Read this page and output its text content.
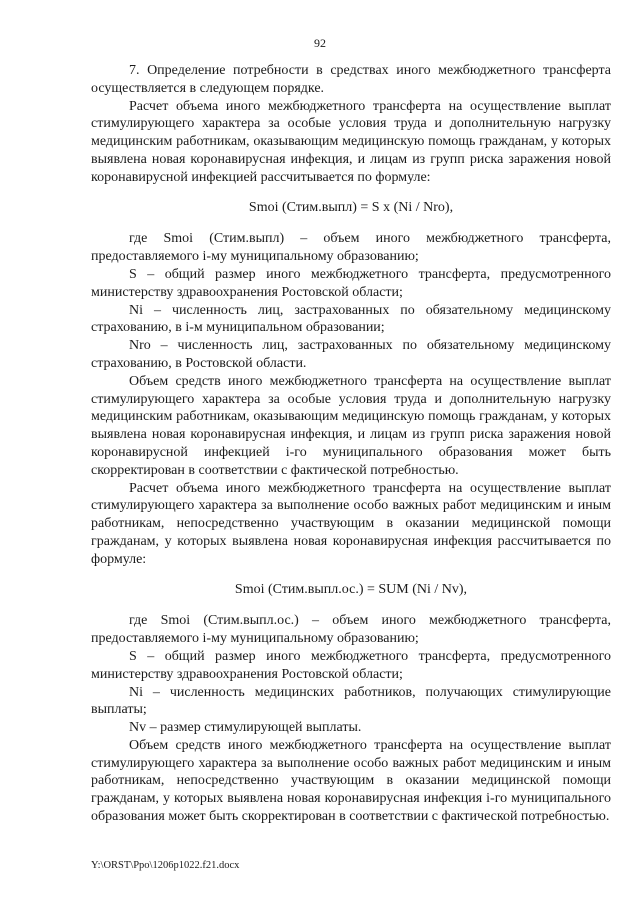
92

7. Определение потребности в средствах иного межбюджетного трансферта осуществляется в следующем порядке.

Расчет объема иного межбюджетного трансферта на осуществление выплат стимулирующего характера за особые условия труда и дополнительную нагрузку медицинским работникам, оказывающим медицинскую помощь гражданам, у которых выявлена новая коронавирусная инфекция, и лицам из групп риска заражения новой коронавирусной инфекцией рассчитывается по формуле:

Smoi (Стим.выпл) = S x (Ni / Nro),

где Smoi (Стим.выпл) – объем иного межбюджетного трансферта, предоставляемого i-му муниципальному образованию;

S – общий размер иного межбюджетного трансферта, предусмотренного министерству здравоохранения Ростовской области;

Ni – численность лиц, застрахованных по обязательному медицинскому страхованию, в i-м муниципальном образовании;

Nro – численность лиц, застрахованных по обязательному медицинскому страхованию, в Ростовской области.

Объем средств иного межбюджетного трансферта на осуществление выплат стимулирующего характера за особые условия труда и дополнительную нагрузку медицинским работникам, оказывающим медицинскую помощь гражданам, у которых выявлена новая коронавирусная инфекция, и лицам из групп риска заражения новой коронавирусной инфекцией i-го муниципального образования может быть скорректирован в соответствии с фактической потребностью.

Расчет объема иного межбюджетного трансферта на осуществление выплат стимулирующего характера за выполнение особо важных работ медицинским и иным работникам, непосредственно участвующим в оказании медицинской помощи гражданам, у которых выявлена новая коронавирусная инфекция рассчитывается по формуле:

Smoi (Стим.выпл.ос.) = SUM (Ni / Nv),

где Smoi (Стим.выпл.ос.) – объем иного межбюджетного трансферта, предоставляемого i-му муниципальному образованию;

S – общий размер иного межбюджетного трансферта, предусмотренного министерству здравоохранения Ростовской области;

Ni – численность медицинских работников, получающих стимулирующие выплаты;

Nv – размер стимулирующей выплаты.

Объем средств иного межбюджетного трансферта на осуществление выплат стимулирующего характера за выполнение особо важных работ медицинским и иным работникам, непосредственно участвующим в оказании медицинской помощи гражданам, у которых выявлена новая коронавирусная инфекция i-го муниципального образования может быть скорректирован в соответствии с фактической потребностью.

Y:\ORST\Ppo\1206p1022.f21.docx
